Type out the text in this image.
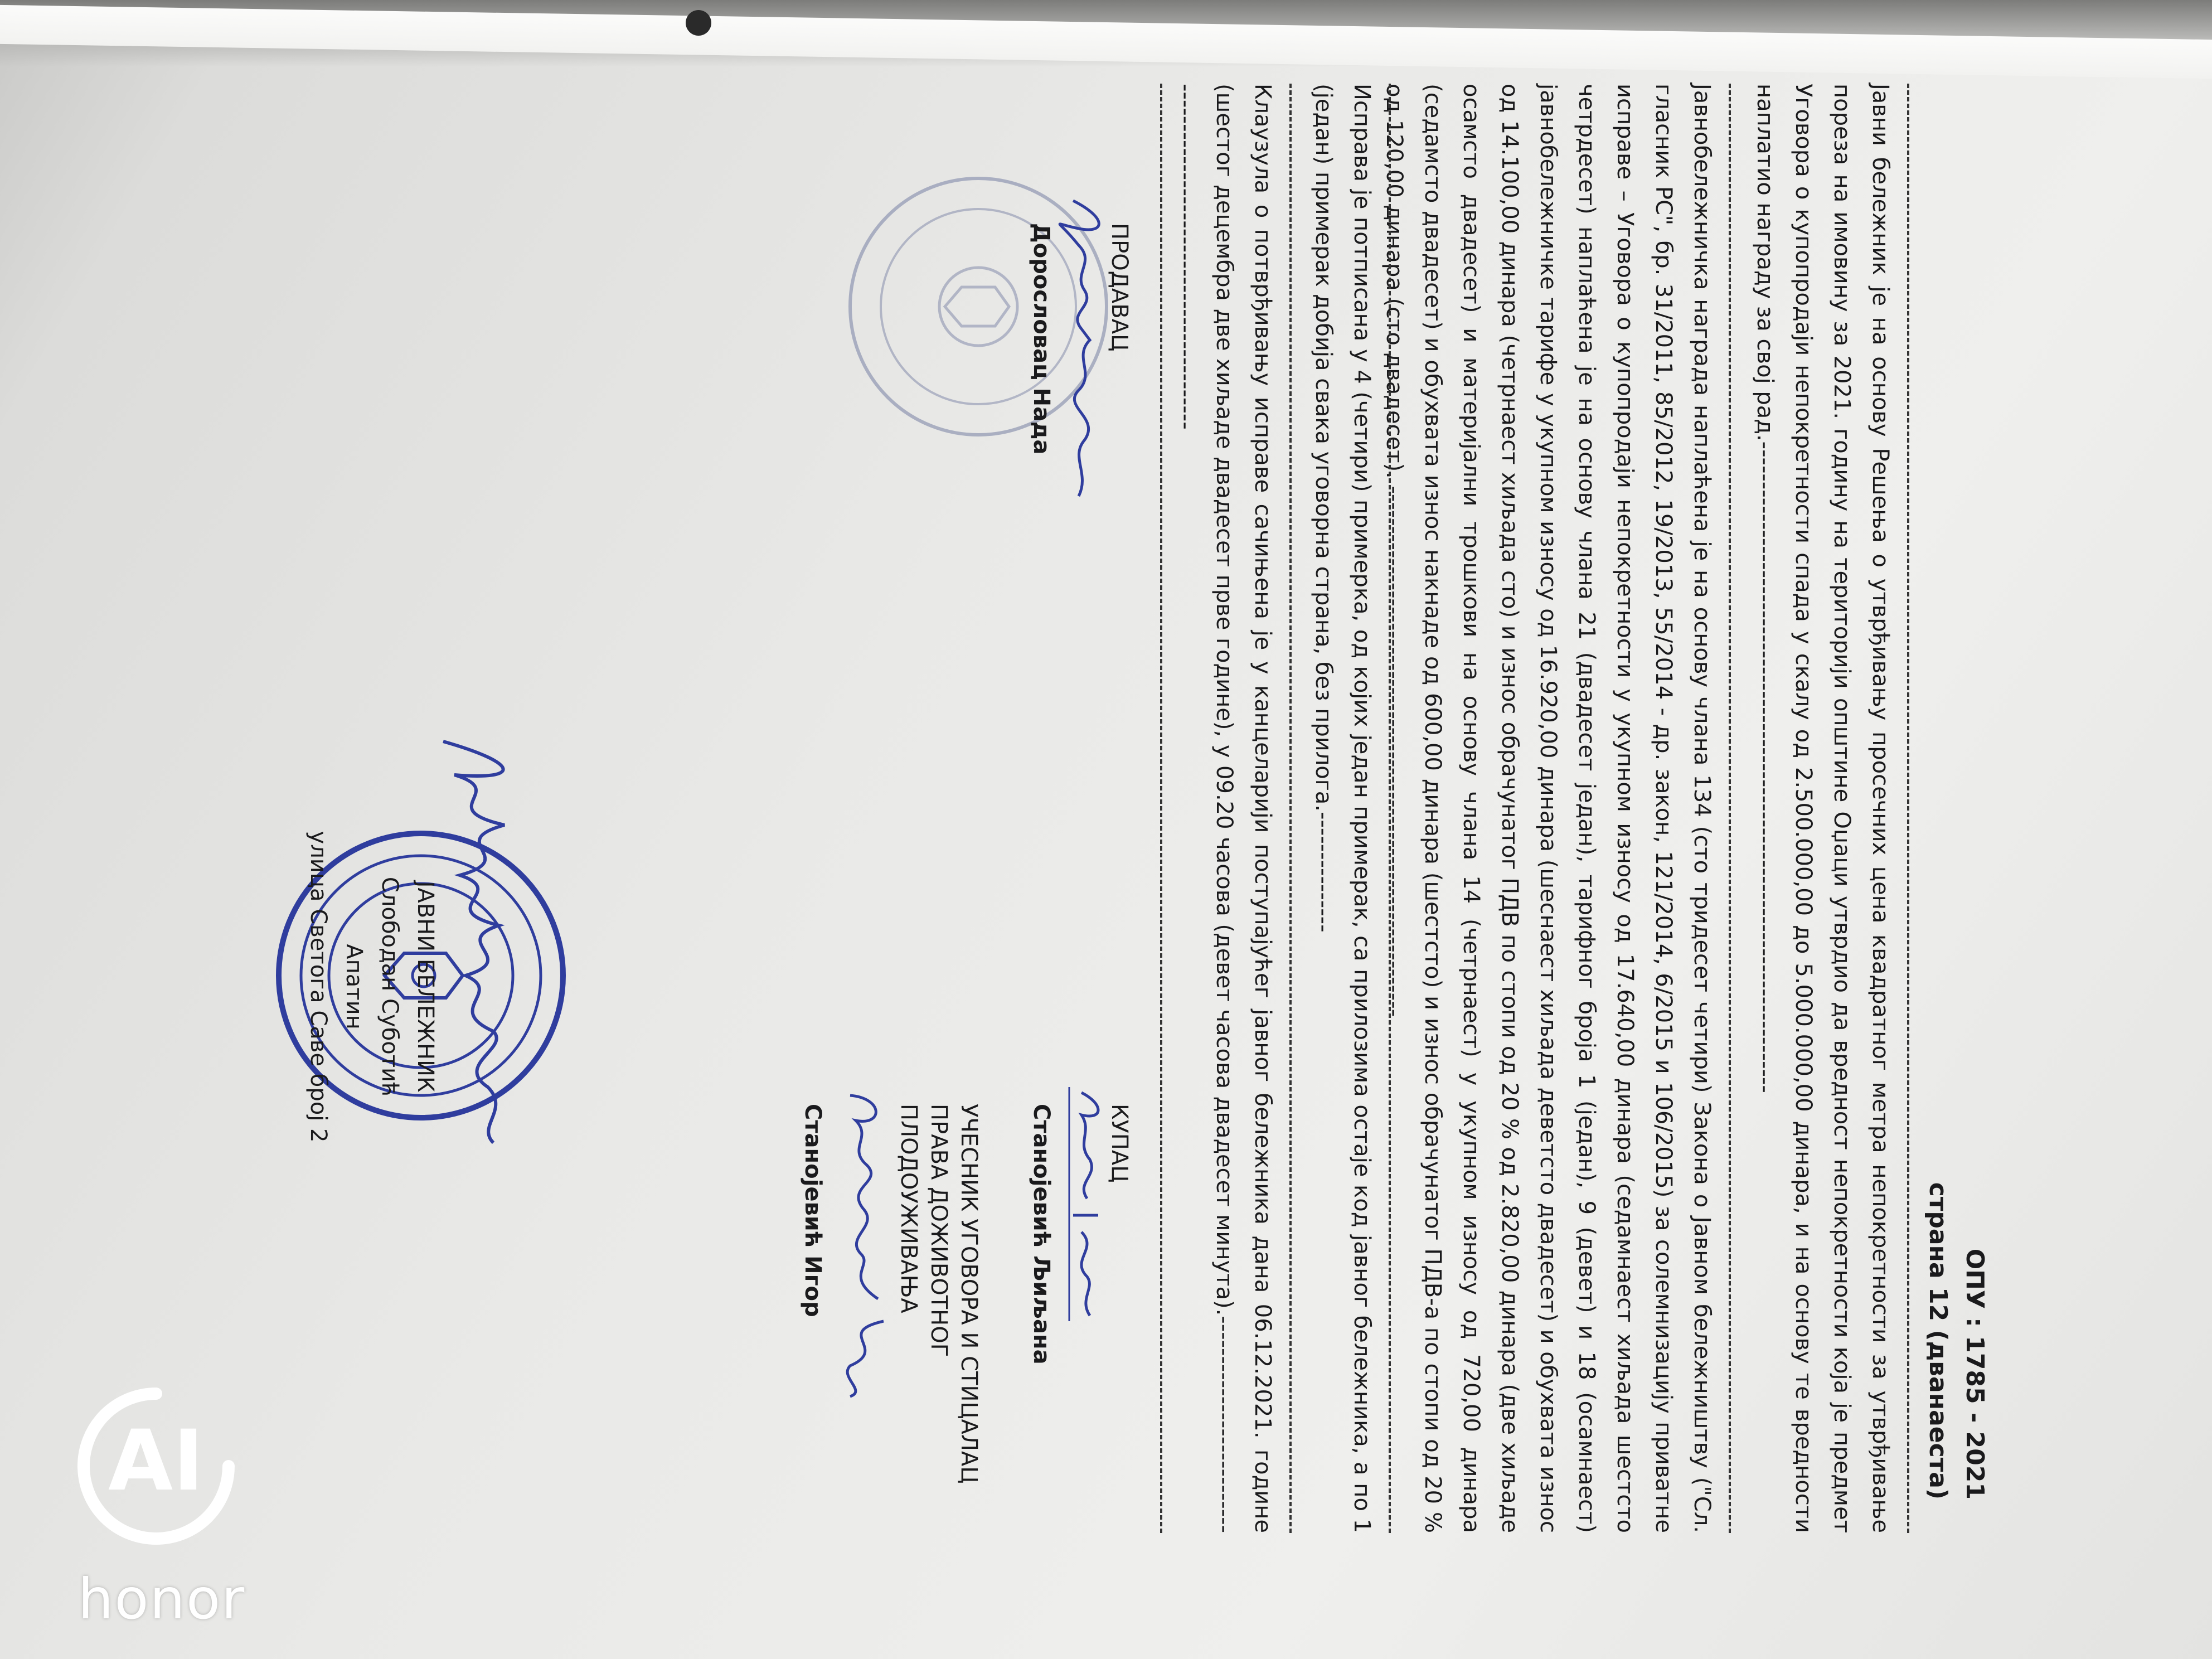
ОПУ : 1785 - 2021
страна 12 (дванаеста)
Јавни бележник је на основу Решења о утврђивању просечних цена квадратног метра непокретности за утврђивање пореза на имовину за 2021. годину на територији општине Оџаци утврдио да вредност непокретности која је предмет Уговора о купопродаји непокретности спада у скалу од 2.500.000,00 до 5.000.000,00 динара, и на основу те вредности наплатио награду за свој рад.---------------------------------------------------------------------------------
Јавнобележничка наградa наплаћена је на основу члана 134 (сто тридесет четири) Закона о Јавном бележништву ("Сл. гласник РС", бр. 31/2011, 85/2012, 19/2013, 55/2014 - др. закон, 121/2014, 6/2015 и 106/2015) за солемнизацију приватне исправе – Уговора о купопродаји непокретности у укупном износу од 17.640,00 динара (седамнаест хиљада шестсто четрдесет) наплаћена је на основу члана 21 (двадесет један), тарифног броја 1 (један), 9 (девет) и 18 (осамнаест) јавнобележничке тарифе у укупном износу од 16.920,00 динара (шеснаест хиљада деветсто двадесет) и обухвата износ од 14.100,00 динара (четрнаест хиљада сто) и износ обрачунатог ПДВ по стопи од 20 % од 2.820,00 динара (две хиљаде осамсто двадесет) и материјални трошкови на основу члана 14 (четрнаест) у укупном износу од 720,00 динара (седамсто двадесет) и обухвата износ накнаде од 600,00 динара (шестсто) и износ обрачунатог ПДВ-а по стопи од 20 % од 120,00 динара (сто двадесет). ------------------------------------------------------------------
Исправа је потписана у 4 (четири) примерка, од којих један примерак, са прилозима остаје код јавног бележника, а по 1 (један) примерак добија свака уговорна страна, без прилога.---------------
Клаузула о потврђивању исправе сачињена је у канцеларији поступајућег јавног бележника дана 06.12.2021. године (шестог децембра две хиљаде двадесет прве године), у 09.20 часова (девет часова двадесет минута).----------------------------------------------------------------------
ПРОДАВАЦ
Дорословац Нада
КУПАЦ
Станојевић Љиљана
УЧЕСНИК УГОВОРА И СТИЦАЛАЦ
ПРАВА ДОЖИВОТНОГ
ПЛОДОУЖИВАЊА
Станојевић Игор
ЈАВНИ БЕЛЕЖНИК
Слободан Суботић
Апатин
улица Светога Саве број 2
AI
honor
